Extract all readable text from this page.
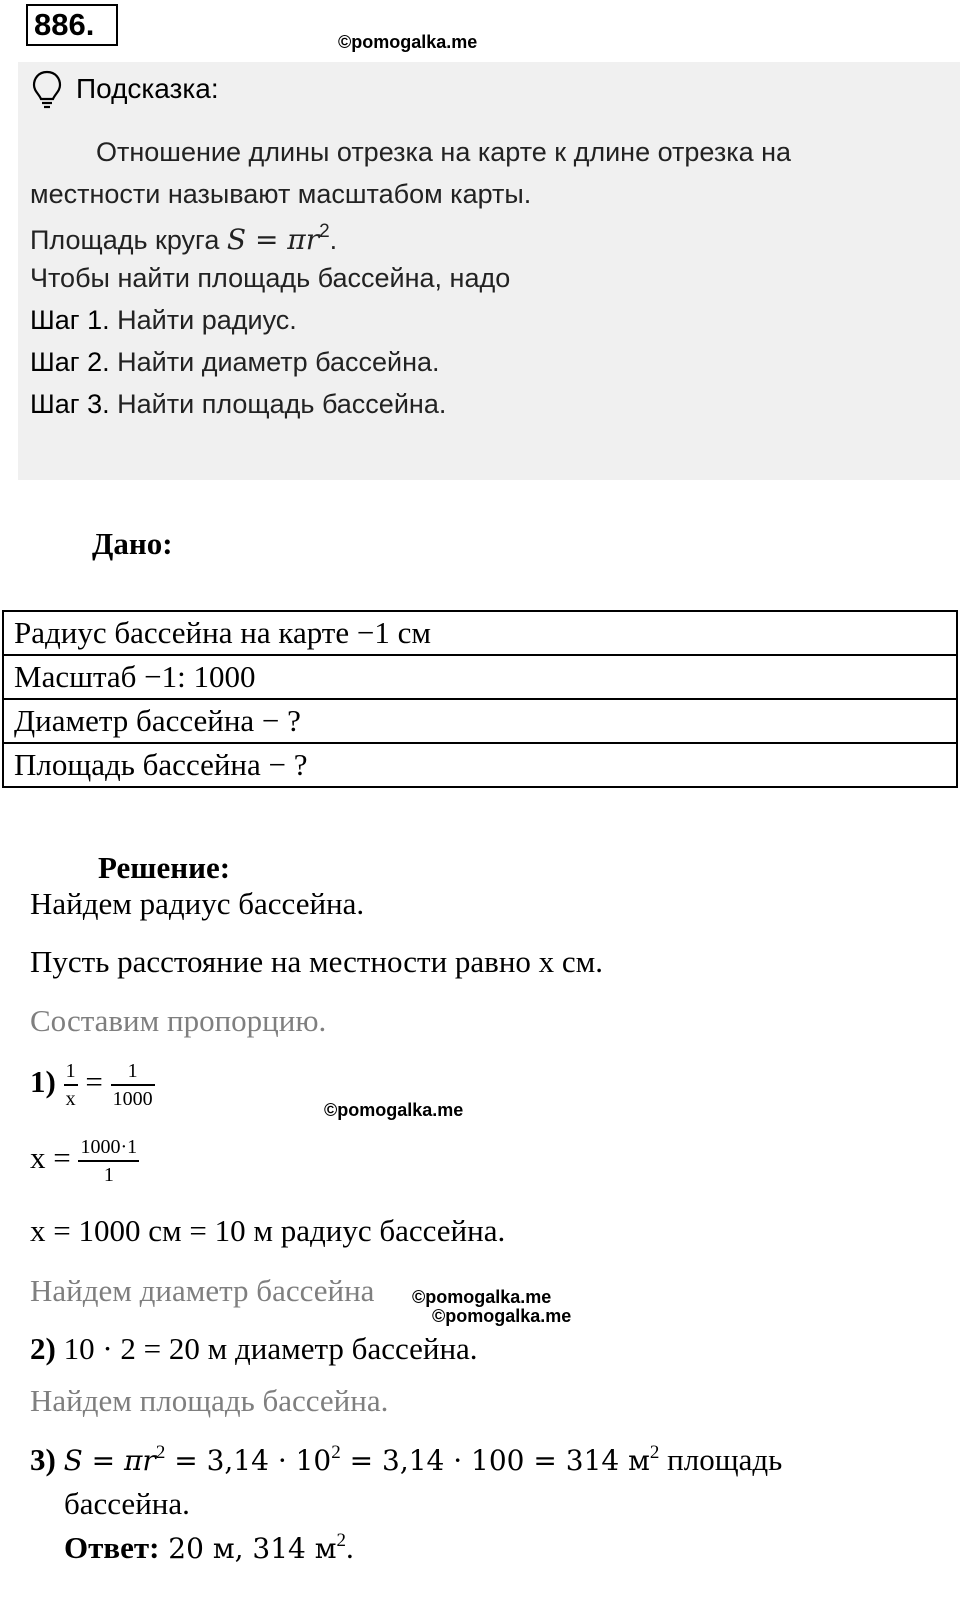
886.	©pomogalka.me
Подсказка:
Отношение длины отрезка на карте к длине отрезка на
местности называют масштабом карты.
Площадь круга $S = \pi r^2$.
Чтобы найти площадь бассейна, надо
Шаг 1. Найти радиус.
Шаг 2. Найти диаметр бассейна.
Шаг 3. Найти площадь бассейна.
Дано:
Радиус бассейна на карте −1 см
Масштаб −1: 1000
Диаметр бассейна − ?
Площадь бассейна − ?
Решение:
Найдем радиус бассейна.
Пусть расстояние на местности равно x см.
Составим пропорцию.
$1) \frac{1}{x} = \frac{1}{1000}$	©pomogalka.me
$x = \frac{1000\cdot 1}{1}$
x = 1000 см = 10 м радиус бассейна.
Найдем диаметр бассейна ©pomogalka.me
©pomogalka.me
2) 10 · 2 = 20 м диаметр бассейна.
Найдем площадь бассейна.
3) $S = \pi r^2 = 3,14 \cdot 10^2 = 3,14 \cdot 100 = 314$ $м^2$ площадь
бассейна.
Ответ: 20 м, 314 $м^2$.
